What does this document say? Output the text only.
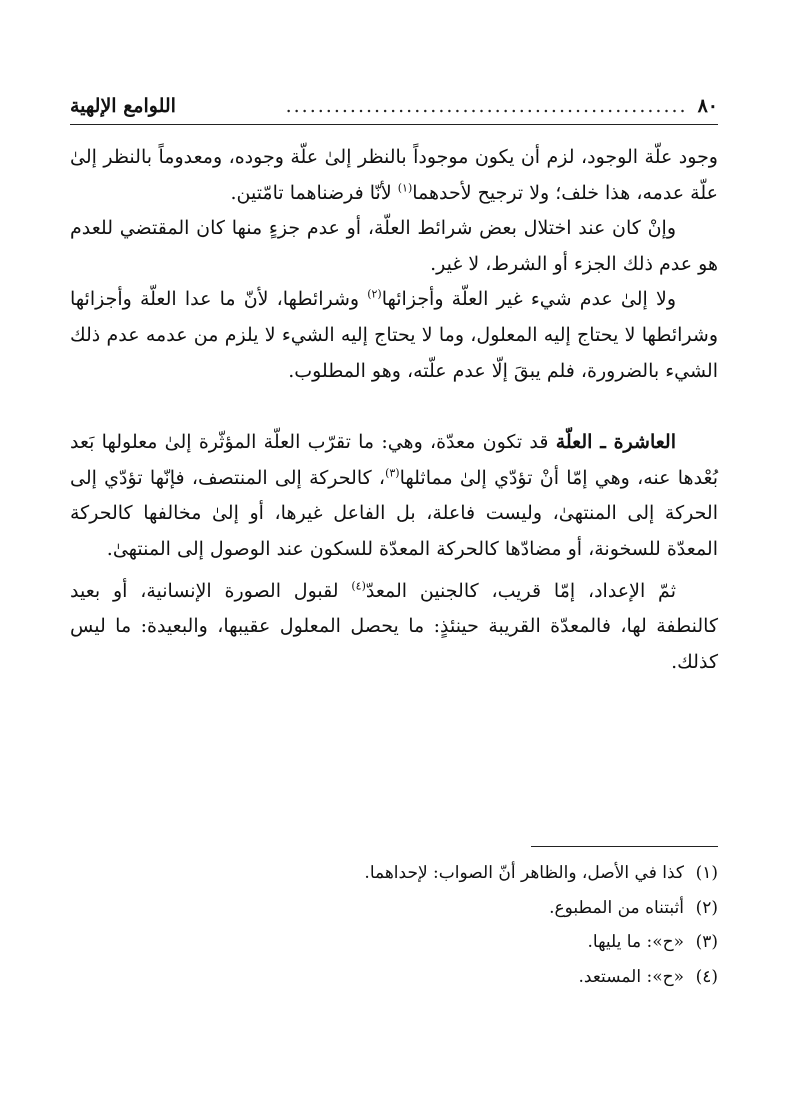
٨٠
..................................................
اللوامع الإلهية

وجود علّة الوجود، لزم أن يكون موجوداً بالنظر إلىٰ علّة وجوده، ومعدوماً بالنظر إلىٰ علّة عدمه، هذا خلف؛ ولا ترجيح لأحدهما$^{(١)}$ لأنّا فرضناهما تامّتين.

وإنْ كان عند اختلال بعض شرائط العلّة، أو عدم جزءٍ منها كان المقتضي للعدم هو عدم ذلك الجزء أو الشرط، لا غير.

ولا إلىٰ عدم شيء غير العلّة وأجزائها$^{(٢)}$ وشرائطها، لأنّ ما عدا العلّة وأجزائها وشرائطها لا يحتاج إليه المعلول، وما لا يحتاج إليه الشيء لا يلزم من عدمه عدم ذلك الشيء بالضرورة، فلم يبقَ إلّا عدم علّته، وهو المطلوب.

العاشرة ـ العلّة قد تكون معدّة، وهي: ما تقرّب العلّة المؤثّرة إلىٰ معلولها بَعد بُعْدها عنه، وهي إمّا أنْ تؤدّي إلىٰ مماثلها$^{(٣)}$، كالحركة إلى المنتصف، فإنّها تؤدّي إلى الحركة إلى المنتهىٰ، وليست فاعلة، بل الفاعل غيرها، أو إلىٰ مخالفها كالحركة المعدّة للسخونة، أو مضادّها كالحركة المعدّة للسكون عند الوصول إلى المنتهىٰ.

ثمّ الإعداد، إمّا قريب، كالجنين المعدّ$^{(٤)}$ لقبول الصورة الإنسانية، أو بعيد كالنطفة لها، فالمعدّة القريبة حينئذٍ: ما يحصل المعلول عقيبها، والبعيدة: ما ليس كذلك.

(١)كذا في الأصل، والظاهر أنّ الصواب: لإحداهما.

(٢)أثبتناه من المطبوع.

(٣)«ح»: ما يليها.

(٤)«ح»: المستعد.
